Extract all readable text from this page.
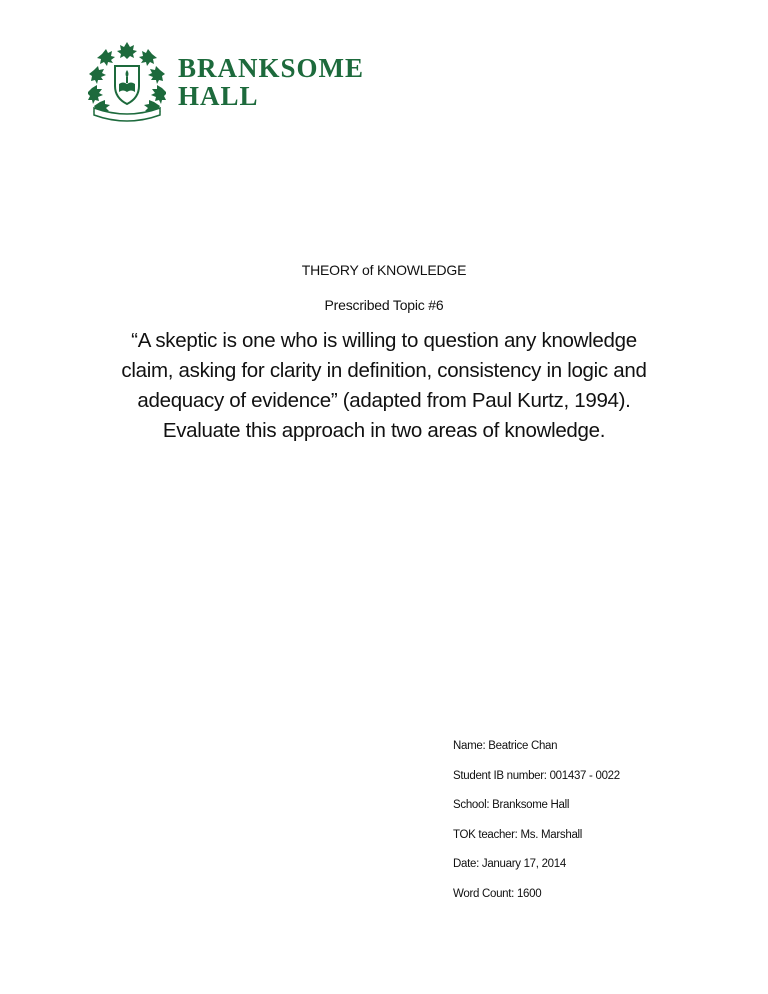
BRANKSOME
HALL
THEORY of KNOWLEDGE
Prescribed Topic #6
“A skeptic is one who is willing to question any knowledge
claim, asking for clarity in definition, consistency in logic and
adequacy of evidence” (adapted from Paul Kurtz, 1994).
Evaluate this approach in two areas of knowledge.
Name: Beatrice Chan
Student IB number: 001437 - 0022
School: Branksome Hall
TOK teacher: Ms. Marshall
Date: January 17, 2014
Word Count: 1600
